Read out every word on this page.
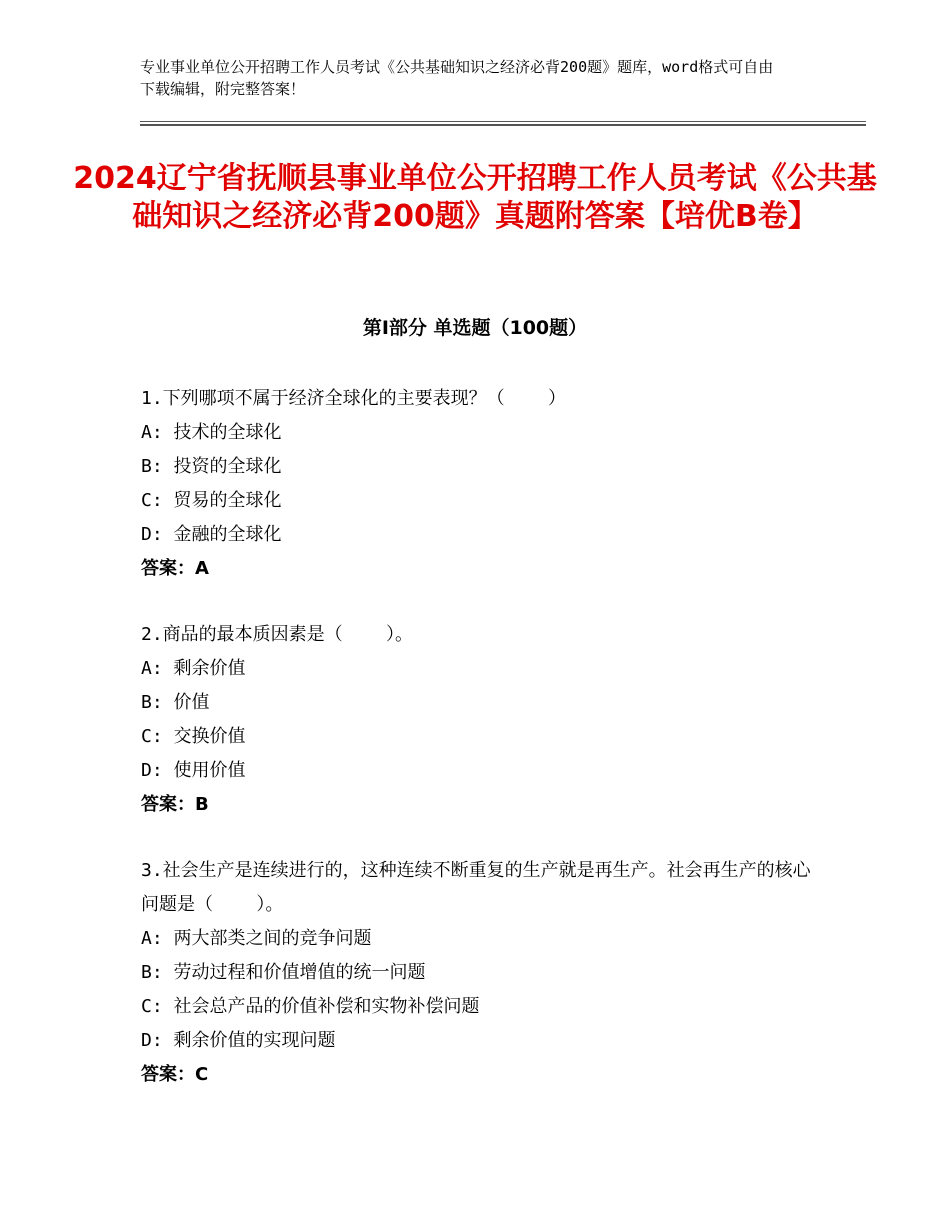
专业事业单位公开招聘工作人员考试《公共基础知识之经济必背200题》题库，word格式可自由下载编辑，附完整答案！
2024辽宁省抚顺县事业单位公开招聘工作人员考试《公共基础知识之经济必背200题》真题附答案【培优B卷】
第Ⅰ部分 单选题（100题）
1.下列哪项不属于经济全球化的主要表现？（    ）
A: 技术的全球化
B: 投资的全球化
C: 贸易的全球化
D: 金融的全球化
答案：A
2.商品的最本质因素是（    ）。
A: 剩余价值
B: 价值
C: 交换价值
D: 使用价值
答案：B
3.社会生产是连续进行的，这种连续不断重复的生产就是再生产。社会再生产的核心问题是（    ）。
A: 两大部类之间的竞争问题
B: 劳动过程和价值增值的统一问题
C: 社会总产品的价值补偿和实物补偿问题
D: 剩余价值的实现问题
答案：C
